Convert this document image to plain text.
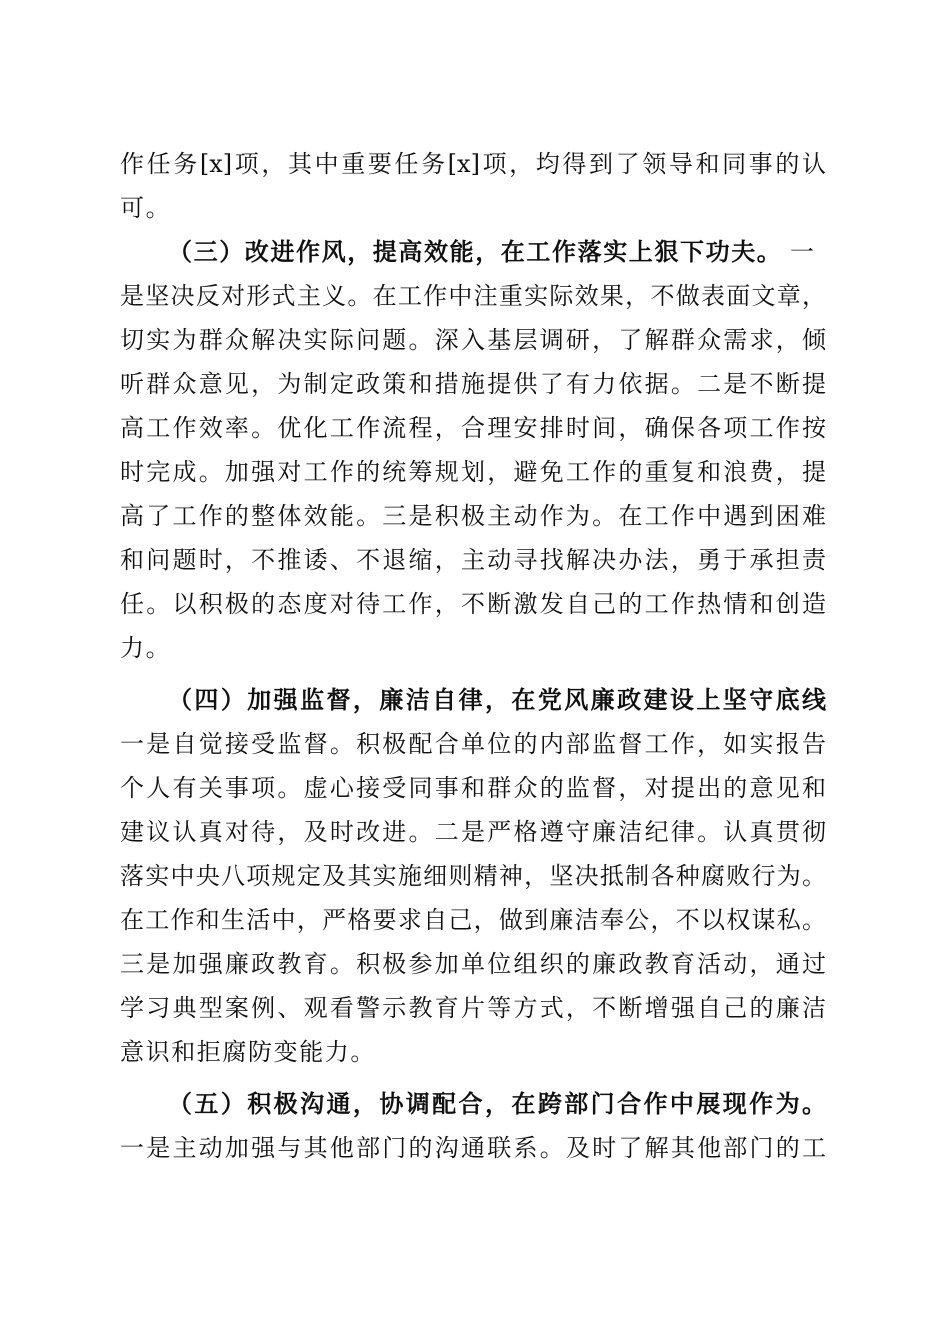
作任务[x]项，其中重要任务[x]项，均得到了领导和同事的认
可。
（三）改进作风，提高效能，在工作落实上狠下功夫。 一
是坚决反对形式主义。在工作中注重实际效果，不做表面文章，
切实为群众解决实际问题。深入基层调研，了解群众需求，倾
听群众意见，为制定政策和措施提供了有力依据。二是不断提
高工作效率。优化工作流程，合理安排时间，确保各项工作按
时完成。加强对工作的统筹规划，避免工作的重复和浪费，提
高了工作的整体效能。三是积极主动作为。在工作中遇到困难
和问题时，不推诿、不退缩，主动寻找解决办法，勇于承担责
任。以积极的态度对待工作，不断激发自己的工作热情和创造
力。
（四）加强监督，廉洁自律，在党风廉政建设上坚守底线
一是自觉接受监督。积极配合单位的内部监督工作，如实报告
个人有关事项。虚心接受同事和群众的监督，对提出的意见和
建议认真对待，及时改进。二是严格遵守廉洁纪律。认真贯彻
落实中央八项规定及其实施细则精神，坚决抵制各种腐败行为。
在工作和生活中，严格要求自己，做到廉洁奉公，不以权谋私。
三是加强廉政教育。积极参加单位组织的廉政教育活动，通过
学习典型案例、观看警示教育片等方式，不断增强自己的廉洁
意识和拒腐防变能力。
（五）积极沟通，协调配合，在跨部门合作中展现作为。
一是主动加强与其他部门的沟通联系。及时了解其他部门的工
